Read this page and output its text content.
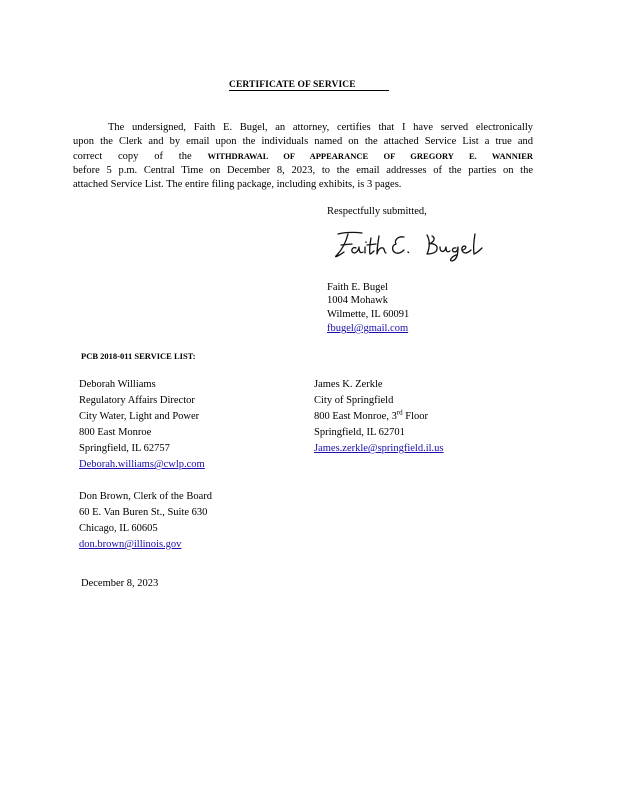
CERTIFICATE OF SERVICE
The undersigned, Faith E. Bugel, an attorney, certifies that I have served electronically
upon the Clerk and by email upon the individuals named on the attached Service List a true and
correct copy of the WITHDRAWAL OF APPEARANCE OF GREGORY E. WANNIER
before 5 p.m. Central Time on December 8, 2023, to the email addresses of the parties on the
attached Service List. The entire filing package, including exhibits, is 3 pages.
Respectfully submitted,
Faith E. Bugel
1004 Mohawk
Wilmette, IL 60091
fbugel@gmail.com
PCB 2018-011 SERVICE LIST:
Deborah Williams
Regulatory Affairs Director
City Water, Light and Power
800 East Monroe
Springfield, IL 62757
Deborah.williams@cwlp.com
James K. Zerkle
City of Springfield
800 East Monroe, 3rd Floor
Springfield, IL 62701
James.zerkle@springfield.il.us
Don Brown, Clerk of the Board
60 E. Van Buren St., Suite 630
Chicago, IL 60605
don.brown@illinois.gov
December 8, 2023
